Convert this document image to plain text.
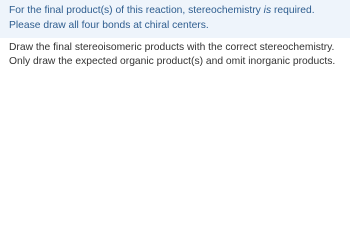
For the final product(s) of this reaction, stereochemistry is required. Please draw all four bonds at chiral centers.

Draw the final stereoisomeric products with the correct stereochemistry. Only draw the expected organic product(s) and omit inorganic products.
